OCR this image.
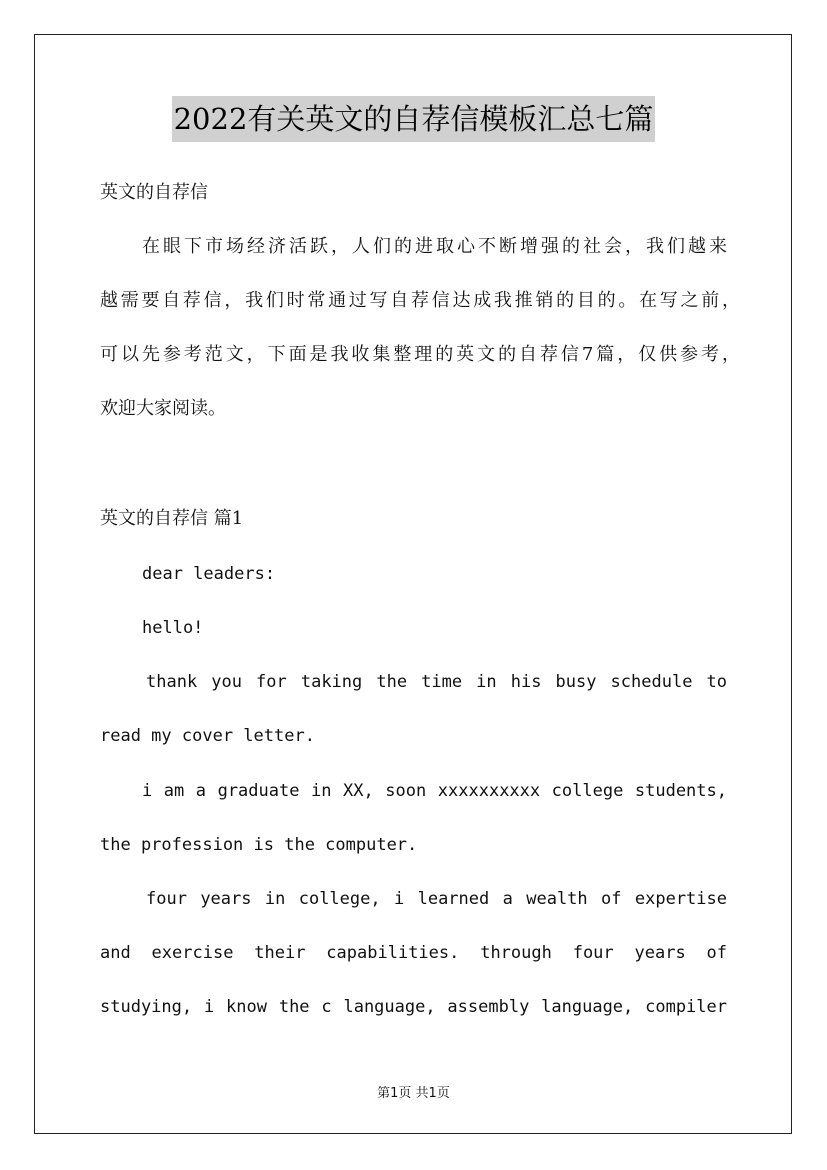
2022有关英文的自荐信模板汇总七篇
英文的自荐信
在眼下市场经济活跃，人们的进取心不断增强的社会，我们越来
越需要自荐信，我们时常通过写自荐信达成我推销的目的。在写之前，
可以先参考范文，下面是我收集整理的英文的自荐信7篇，仅供参考，
欢迎大家阅读。
英文的自荐信 篇1
dear leaders:
hello!
thank you for taking the time in his busy schedule to
read my cover letter.
i am a graduate in XX, soon xxxxxxxxxx college students,
the profession is the computer.
four years in college, i learned a wealth of expertise
and exercise their capabilities. through four years of
studying, i know the c language, assembly language, compiler
第1页 共1页
